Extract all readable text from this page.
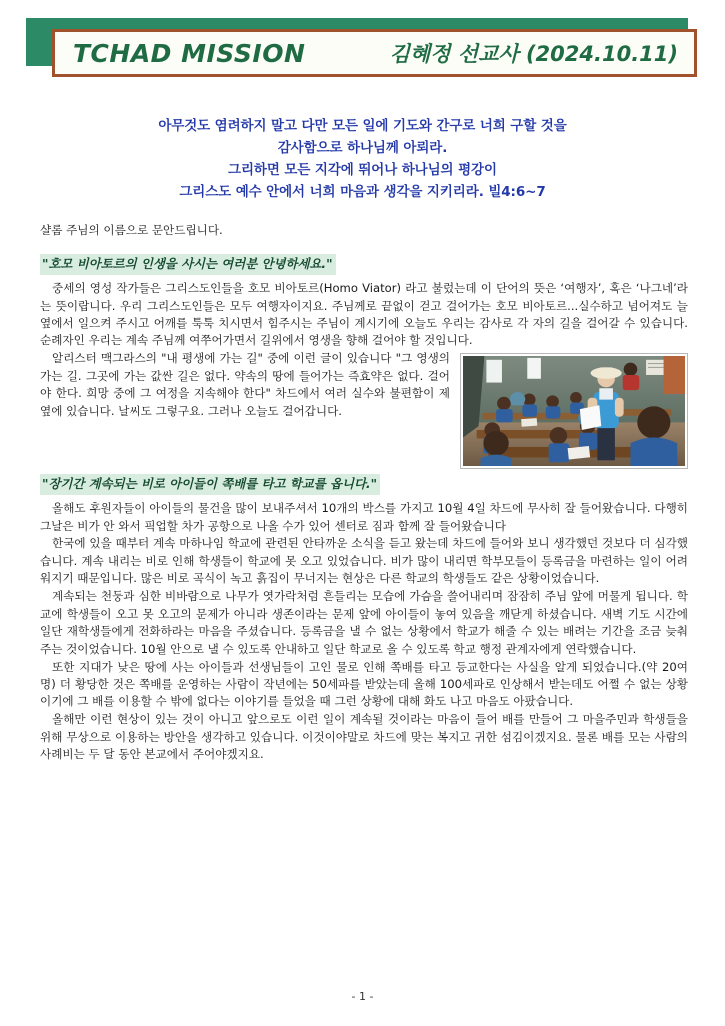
TCHAD MISSION	김혜정 선교사 (2024.10.11)
아무것도 염려하지 말고 다만 모든 일에 기도와 간구로 너희 구할 것을
감사함으로 하나님께 아뢰라.
그리하면 모든 지각에 뛰어나 하나님의 평강이
그리스도 예수 안에서 너희 마음과 생각을 지키리라. 빌4:6~7

샬롬 주님의 이름으로 문안드립니다.

"호모 비아토르의 인생을 사시는 여러분 안녕하세요."

중세의 영성 작가들은 그리스도인들을 호모 비아토르(Homo Viator) 라고 불렀는데 이 단어의 뜻은 ‘여행자’, 혹은 ‘나그네’라는 뜻이랍니다. 우리 그리스도인들은 모두 여행자이지요. 주님께로 끝없이 걷고 걸어가는 호모 비아토르...실수하고 넘어져도 늘 옆에서 일으켜 주시고 어깨를 툭툭 치시면서 힘주시는 주님이 계시기에 오늘도 우리는 감사로 각 자의 길을 걸어갈 수 있습니다. 순례자인 우리는 계속 주님께 여쭈어가면서 길위에서 영생을 향해 걸어야 할 것입니다.

알리스터 맥그라스의 "내 평생에 가는 길" 중에 이런 글이 있습니다 "그 영생의 가는 길. 그곳에 가는 값싼 길은 없다. 약속의 땅에 들어가는 즉효약은 없다. 걸어야 한다. 희망 중에 그 여정을 지속해야 한다" 차드에서 여러 실수와 불편함이 제옆에 있습니다. 날씨도 그렇구요. 그러나 오늘도 걸어갑니다.

"장기간 계속되는 비로 아이들이 쪽배를 타고 학교를 옵니다."

올해도 후원자들이 아이들의 물건을 많이 보내주셔서 10개의 박스를 가지고 10월 4일 차드에 무사히 잘 들어왔습니다. 다행히 그날은 비가 안 와서 픽업할 차가 공항으로 나올 수가 있어 센터로 짐과 함께 잘 들어왔습니다

한국에 있을 때부터 계속 마하나임 학교에 관련된 안타까운 소식을 듣고 왔는데 차드에 들어와 보니 생각했던 것보다 더 심각했습니다. 계속 내리는 비로 인해 학생들이 학교에 못 오고 있었습니다. 비가 많이 내리면 학부모들이 등록금을 마련하는 일이 어려워지기 때문입니다. 많은 비로 곡식이 녹고 흙집이 무너지는 현상은 다른 학교의 학생들도 같은 상황이었습니다.

계속되는 천둥과 심한 비바람으로 나무가 엿가락처럼 흔들리는 모습에 가슴을 쓸어내리며 잠잠히 주님 앞에 머물게 됩니다. 학교에 학생들이 오고 못 오고의 문제가 아니라 생존이라는 문제 앞에 아이들이 놓여 있음을 깨닫게 하셨습니다. 새벽 기도 시간에 일단 재학생들에게 전화하라는 마음을 주셨습니다. 등록금을 낼 수 없는 상황에서 학교가 해줄 수 있는 배려는 기간을 조금 늦춰주는 것이었습니다. 10월 안으로 낼 수 있도록 안내하고 일단 학교로 올 수 있도록 학교 행정 관계자에게 연락했습니다.

또한 지대가 낮은 땅에 사는 아이들과 선생님들이 고인 물로 인해 쪽배를 타고 등교한다는 사실을 알게 되었습니다.(약 20여 명) 더 황당한 것은 쪽배를 운영하는 사람이 작년에는 50세파를 받았는데 올해 100세파로 인상해서 받는데도 어쩔 수 없는 상황이기에 그 배를 이용할 수 밖에 없다는 이야기를 들었을 때 그런 상황에 대해 화도 나고 마음도 아팠습니다.

올해만 이런 현상이 있는 것이 아니고 앞으로도 이런 일이 계속될 것이라는 마음이 들어 배를 만들어 그 마을주민과 학생들을 위해 무상으로 이용하는 방안을 생각하고 있습니다. 이것이야말로 차드에 맞는 복지고 귀한 섬김이겠지요. 물론 배를 모는 사람의 사례비는 두 달 동안 본교에서 주어야겠지요.

- 1 -
